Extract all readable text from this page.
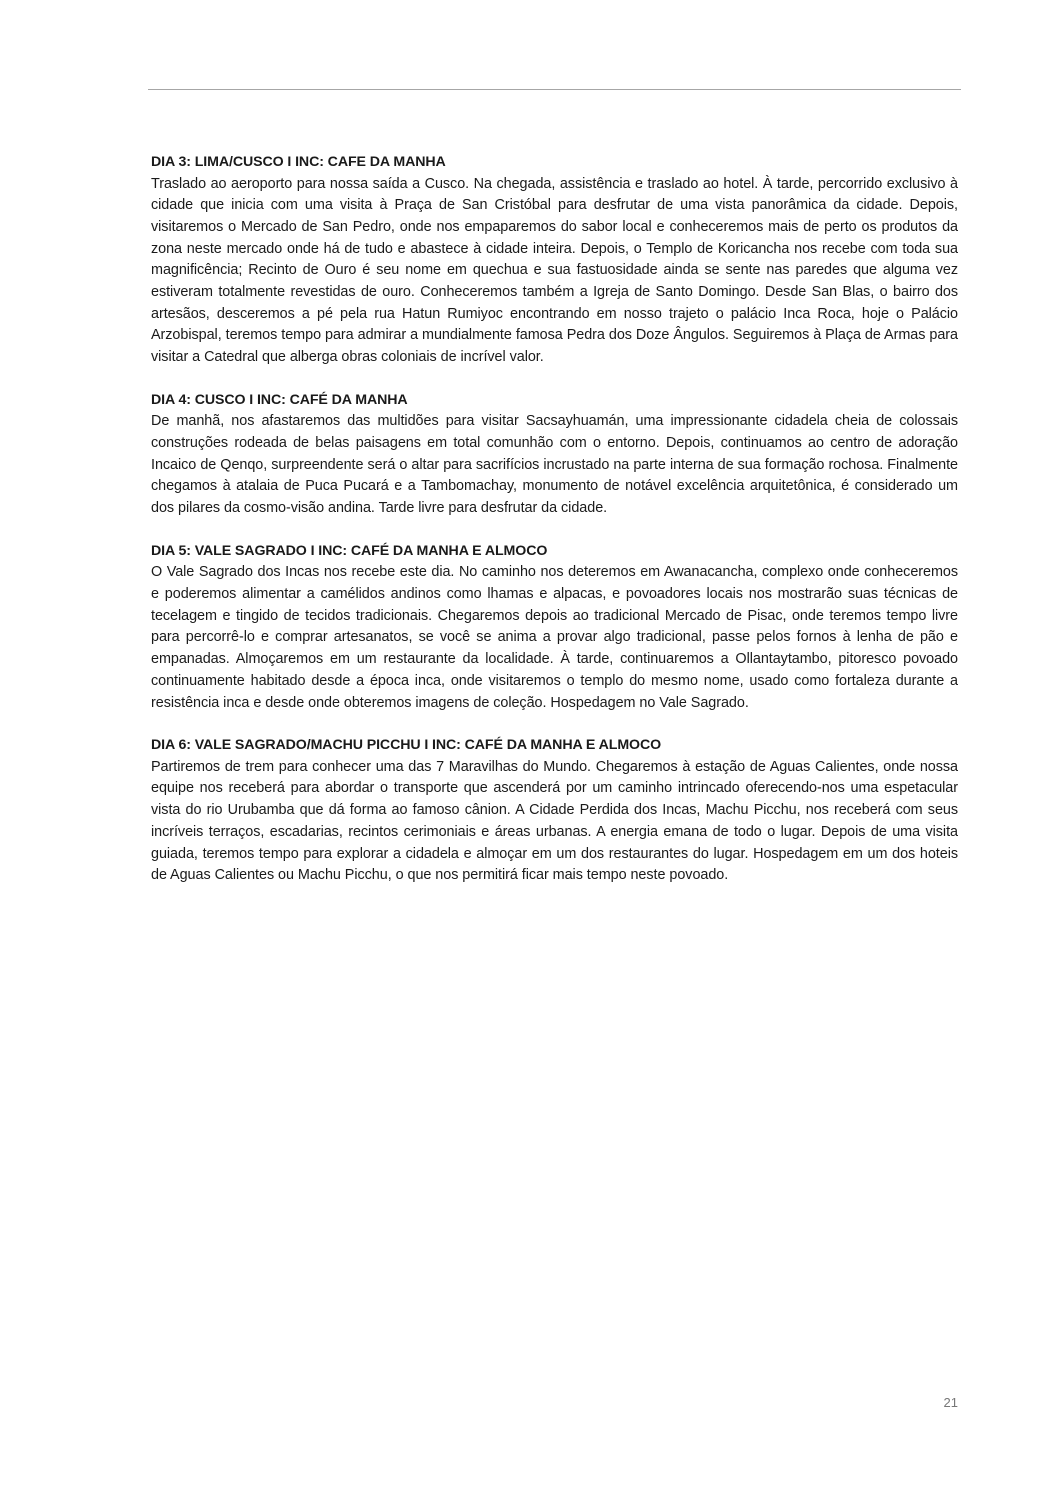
DIA 3: LIMA/CUSCO I INC: CAFE DA MANHA

Traslado ao aeroporto para nossa saída a Cusco. Na chegada, assistência e traslado ao hotel. À tarde, percorrido exclusivo à cidade que inicia com uma visita à Praça de San Cristóbal para desfrutar de uma vista panorâmica da cidade. Depois, visitaremos o Mercado de San Pedro, onde nos empaparemos do sabor local e conheceremos mais de perto os produtos da zona neste mercado onde há de tudo e abastece à cidade inteira. Depois, o Templo de Koricancha nos recebe com toda sua magnificência; Recinto de Ouro é seu nome em quechua e sua fastuosidade ainda se sente nas paredes que alguma vez estiveram totalmente revestidas de ouro. Conheceremos também a Igreja de Santo Domingo. Desde San Blas, o bairro dos artesãos, desceremos a pé pela rua Hatun Rumiyoc encontrando em nosso trajeto o palácio Inca Roca, hoje o Palácio Arzobispal, teremos tempo para admirar a mundialmente famosa Pedra dos Doze Ângulos. Seguiremos à Plaça de Armas para visitar a Catedral que alberga obras coloniais de incrível valor.

DIA 4: CUSCO I INC: CAFÉ DA MANHA

De manhã, nos afastaremos das multidões para visitar Sacsayhuamán, uma impressionante cidadela cheia de colossais construções rodeada de belas paisagens em total comunhão com o entorno. Depois, continuamos ao centro de adoração Incaico de Qenqo, surpreendente será o altar para sacrifícios incrustado na parte interna de sua formação rochosa. Finalmente chegamos à atalaia de Puca Pucará e a Tambomachay, monumento de notável excelência arquitetônica, é considerado um dos pilares da cosmo-visão andina. Tarde livre para desfrutar da cidade.

DIA 5: VALE SAGRADO I INC: CAFÉ DA MANHA E ALMOCO

O Vale Sagrado dos Incas nos recebe este dia. No caminho nos deteremos em Awanacancha, complexo onde conheceremos e poderemos alimentar a camélidos andinos como lhamas e alpacas, e povoadores locais nos mostrarão suas técnicas de tecelagem e tingido de tecidos tradicionais. Chegaremos depois ao tradicional Mercado de Pisac, onde teremos tempo livre para percorrê-lo e comprar artesanatos, se você se anima a provar algo tradicional, passe pelos fornos à lenha de pão e empanadas. Almoçaremos em um restaurante da localidade. À tarde, continuaremos a Ollantaytambo, pitoresco povoado continuamente habitado desde a época inca, onde visitaremos o templo do mesmo nome, usado como fortaleza durante a resistência inca e desde onde obteremos imagens de coleção. Hospedagem no Vale Sagrado.

DIA 6: VALE SAGRADO/MACHU PICCHU I INC: CAFÉ DA MANHA E ALMOCO

Partiremos de trem para conhecer uma das 7 Maravilhas do Mundo. Chegaremos à estação de Aguas Calientes, onde nossa equipe nos receberá para abordar o transporte que ascenderá por um caminho intrincado oferecendo-nos uma espetacular vista do rio Urubamba que dá forma ao famoso cânion. A Cidade Perdida dos Incas, Machu Picchu, nos receberá com seus incríveis terraços, escadarias, recintos cerimoniais e áreas urbanas. A energia emana de todo o lugar. Depois de uma visita guiada, teremos tempo para explorar a cidadela e almoçar em um dos restaurantes do lugar. Hospedagem em um dos hoteis de Aguas Calientes ou Machu Picchu, o que nos permitirá ficar mais tempo neste povoado.

21
